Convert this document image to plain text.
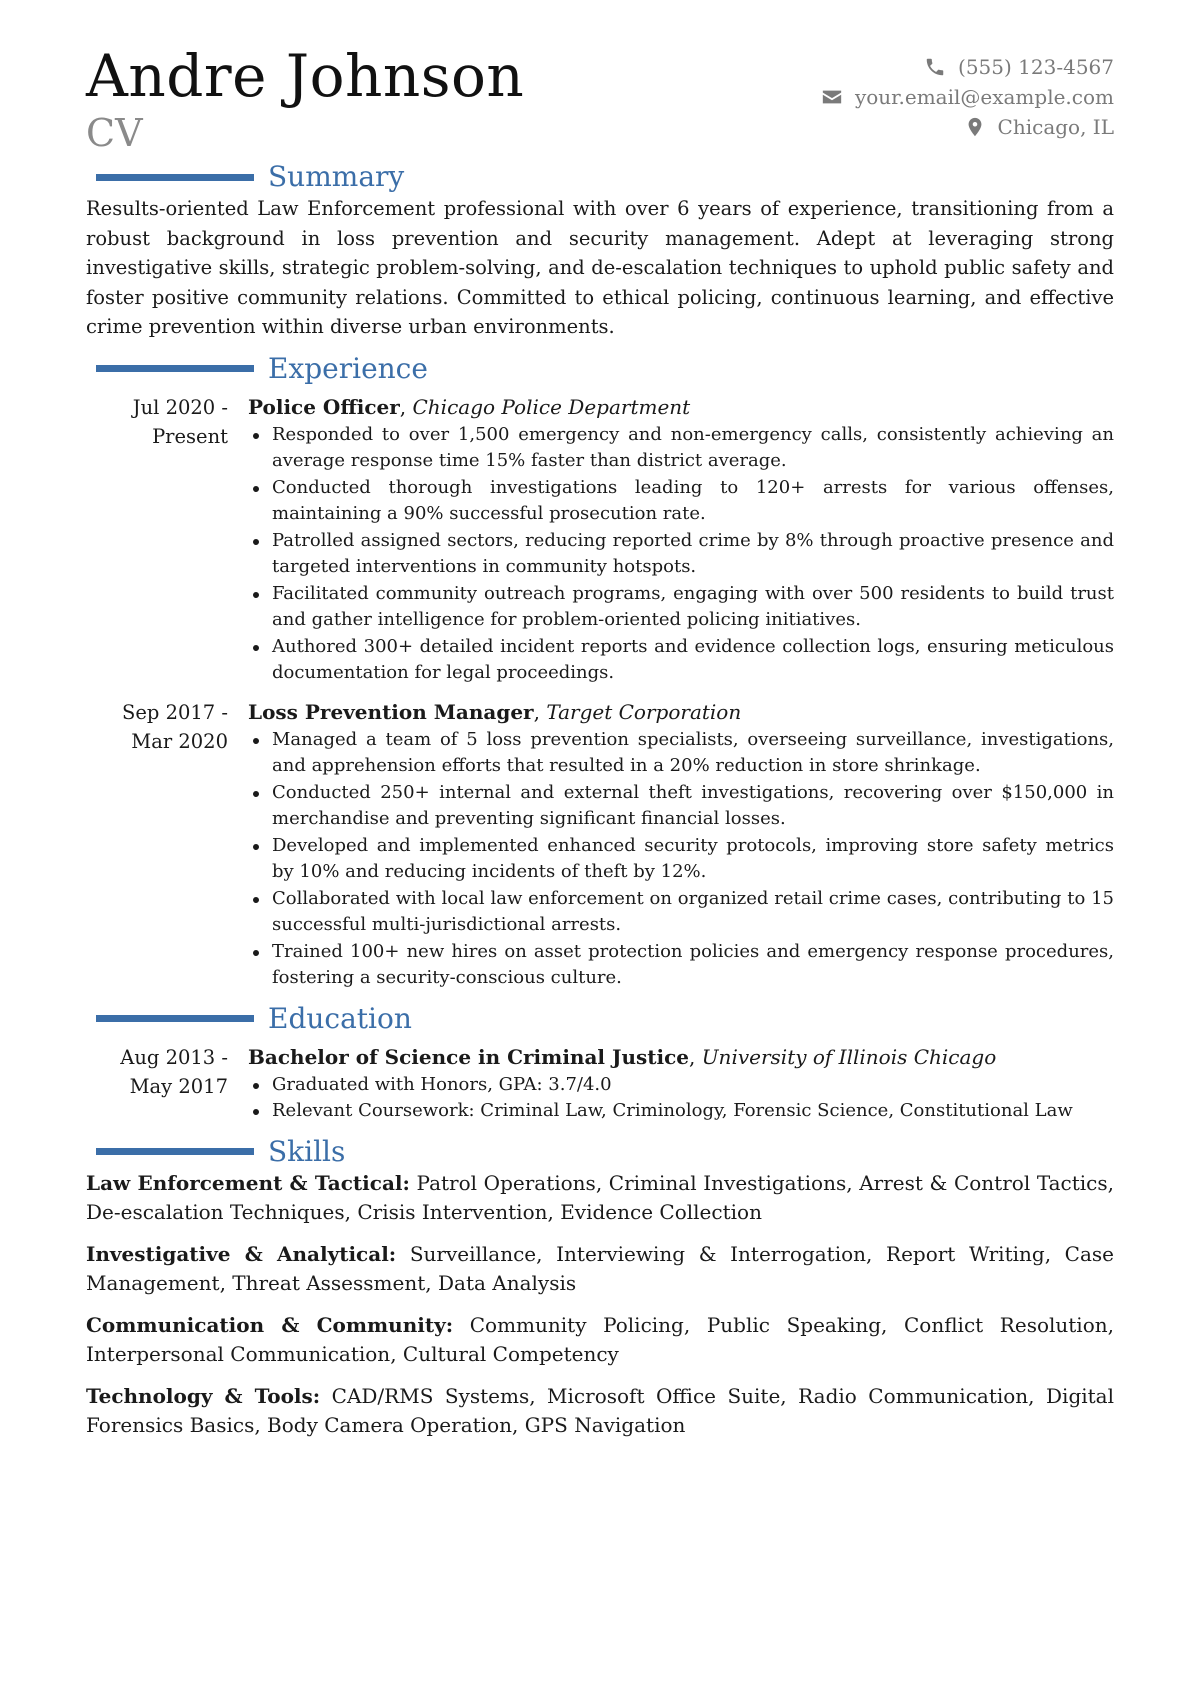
Andre Johnson
CV
(555) 123-4567
your.email@example.com
Chicago, IL
Summary

Results-oriented Law Enforcement professional with over 6 years of experience, transitioning from a robust background in loss prevention and security management. Adept at leveraging strong investigative skills, strategic problem-solving, and de-escalation techniques to uphold public safety and foster positive community relations. Committed to ethical policing, continuous learning, and effective crime prevention within diverse urban environments.

Experience
Jul 2020 - Present
Police Officer, Chicago Police Department
Responded to over 1,500 emergency and non-emergency calls, consistently achieving an average response time 15% faster than district average.
Conducted thorough investigations leading to 120+ arrests for various offenses, maintaining a 90% successful prosecution rate.
Patrolled assigned sectors, reducing reported crime by 8% through proactive presence and targeted interventions in community hotspots.
Facilitated community outreach programs, engaging with over 500 residents to build trust and gather intelligence for problem-oriented policing initiatives.
Authored 300+ detailed incident reports and evidence collection logs, ensuring meticulous documentation for legal proceedings.
Sep 2017 - Mar 2020
Loss Prevention Manager, Target Corporation
Managed a team of 5 loss prevention specialists, overseeing surveillance, investigations, and apprehension efforts that resulted in a 20% reduction in store shrinkage.
Conducted 250+ internal and external theft investigations, recovering over $150,000 in merchandise and preventing significant financial losses.
Developed and implemented enhanced security protocols, improving store safety metrics by 10% and reducing incidents of theft by 12%.
Collaborated with local law enforcement on organized retail crime cases, contributing to 15 successful multi-jurisdictional arrests.
Trained 100+ new hires on asset protection policies and emergency response procedures, fostering a security-conscious culture.
Education
Aug 2013 - May 2017
Bachelor of Science in Criminal Justice, University of Illinois Chicago
Graduated with Honors, GPA: 3.7/4.0
Relevant Coursework: Criminal Law, Criminology, Forensic Science, Constitutional Law
Skills

Law Enforcement & Tactical: Patrol Operations, Criminal Investigations, Arrest & Control Tactics, De-escalation Techniques, Crisis Intervention, Evidence Collection

Investigative & Analytical: Surveillance, Interviewing & Interrogation, Report Writing, Case Management, Threat Assessment, Data Analysis

Communication & Community: Community Policing, Public Speaking, Conflict Resolution, Interpersonal Communication, Cultural Competency

Technology & Tools: CAD/RMS Systems, Microsoft Office Suite, Radio Communication, Digital Forensics Basics, Body Camera Operation, GPS Navigation
